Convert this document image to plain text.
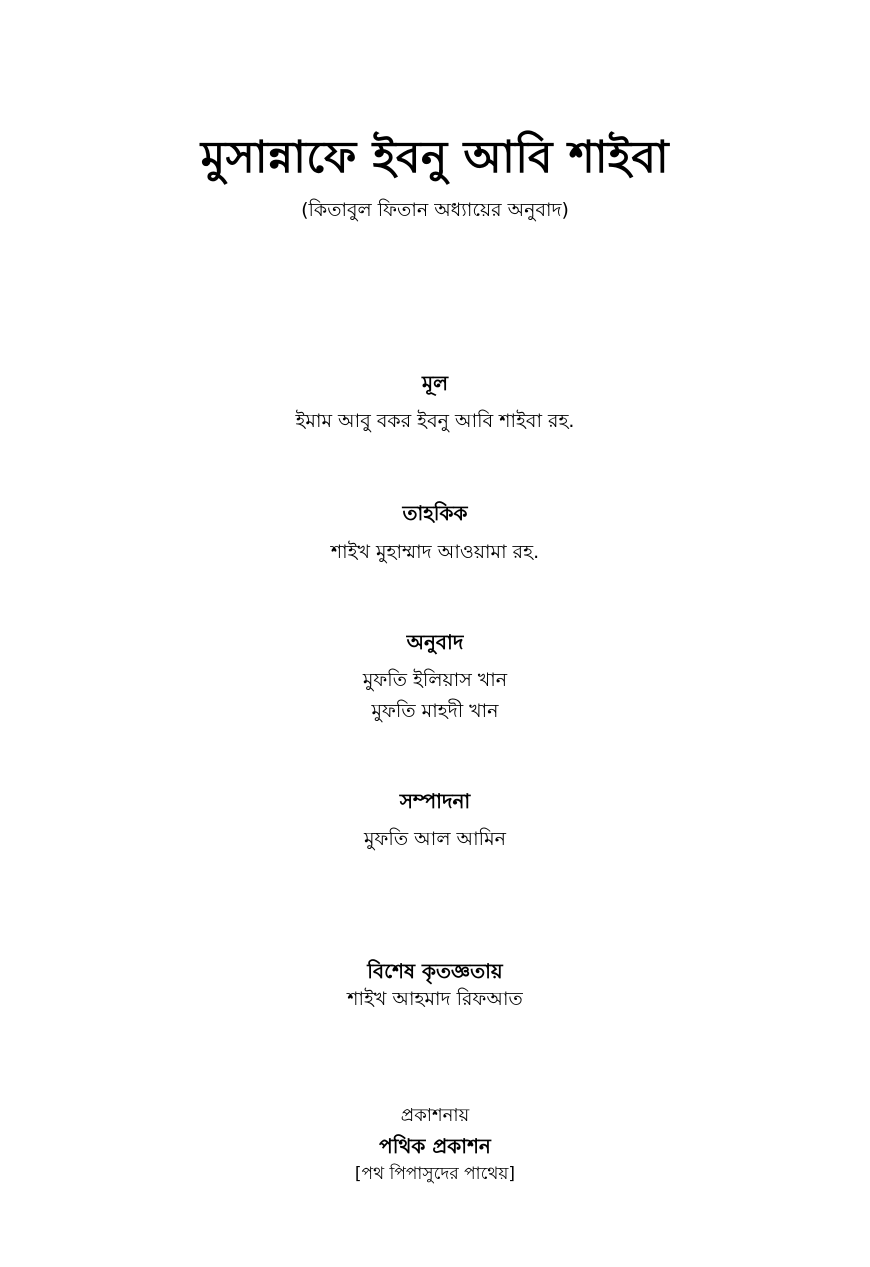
মুসান্নাফে ইবনু আবি শাইবা
(কিতাবুল ফিতান অধ্যায়ের অনুবাদ)
মূল
ইমাম আবু বকর ইবনু আবি শাইবা রহ.
তাহকিক
শাইখ মুহাম্মাদ আওয়ামা রহ.
অনুবাদ
মুফতি ইলিয়াস খান
মুফতি মাহদী খান
সম্পাদনা
মুফতি আল আমিন
বিশেষ কৃতজ্ঞতায়
শাইখ আহমাদ রিফআত
প্রকাশনায়
পথিক প্রকাশন
[পথ পিপাসুদের পাথেয়]
